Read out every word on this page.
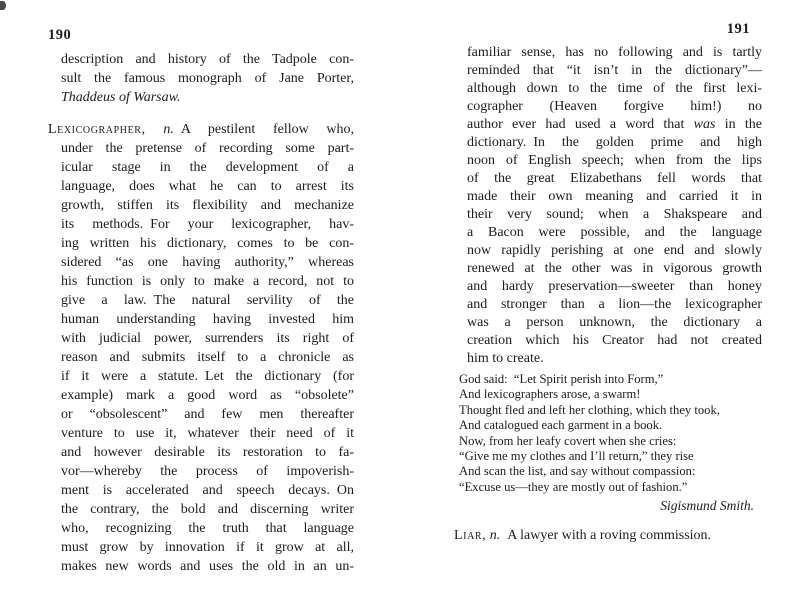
190
description and history of the Tadpole con-
sult the famous monograph of Jane Porter,
Thaddeus of Warsaw.
Lexicographer, n. A pestilent fellow who,
under the pretense of recording some part-
icular stage in the development of a
language, does what he can to arrest its
growth, stiffen its flexibility and mechanize
its methods. For your lexicographer, hav-
ing written his dictionary, comes to be con-
sidered “as one having authority,” whereas
his function is only to make a record, not to
give a law. The natural servility of the
human understanding having invested him
with judicial power, surrenders its right of
reason and submits itself to a chronicle as
if it were a statute. Let the dictionary (for
example) mark a good word as “obsolete”
or “obsolescent” and few men thereafter
venture to use it, whatever their need of it
and however desirable its restoration to fa-
vor—whereby the process of impoverish-
ment is accelerated and speech decays. On
the contrary, the bold and discerning writer
who, recognizing the truth that language
must grow by innovation if it grow at all,
makes new words and uses the old in an un-
191
familiar sense, has no following and is tartly
reminded that “it isn’t in the dictionary”—
although down to the time of the first lexi-
cographer (Heaven forgive him!) no
author ever had used a word that was in the
dictionary. In the golden prime and high
noon of English speech; when from the lips
of the great Elizabethans fell words that
made their own meaning and carried it in
their very sound; when a Shakspeare and
a Bacon were possible, and the language
now rapidly perishing at one end and slowly
renewed at the other was in vigorous growth
and hardy preservation—sweeter than honey
and stronger than a lion—the lexicographer
was a person unknown, the dictionary a
creation which his Creator had not created
him to create.
God said: “Let Spirit perish into Form,”
And lexicographers arose, a swarm!
Thought fled and left her clothing, which they took,
And catalogued each garment in a book.
Now, from her leafy covert when she cries:
“Give me my clothes and I’ll return,” they rise
And scan the list, and say without compassion:
“Excuse us—they are mostly out of fashion.”
Sigismund Smith.
Liar, n. A lawyer with a roving commission.
